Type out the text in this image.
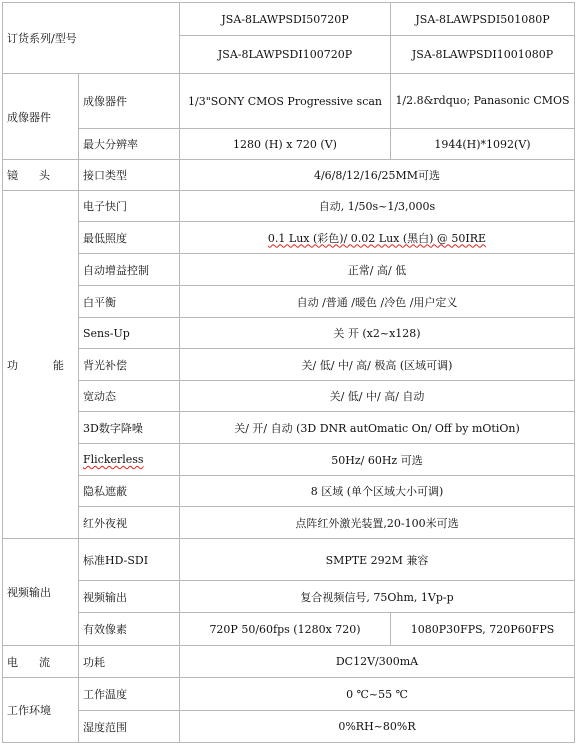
订货系列/型号		JSA-8LAWPSDI50720P	JSA-8LAWPSDI501080P
		JSA-8LAWPSDI100720P	JSA-8LAWPSDI1001080P
成像器件	成像器件	1/3"SONY CMOS Progressive scan	1/2.8&rdquo; Panasonic CMOS
	最大分辨率	1280 (H) x 720 (V)	1944(H)*1092(V)
镜      头	接口类型	4/6/8/12/16/25MM可选	
功          能	电子快门	自动, 1/50s~1/3,000s	
	最低照度	0.1 Lux (彩色)/ 0.02 Lux (黑白) @ 50IRE	
	自动增益控制	正常/ 高/ 低	
	白平衡	自动 /普通 /暖色 /冷色 /用户定义	
	Sens-Up	关 开 (x2~x128)	
	背光补偿	关/ 低/ 中/ 高/ 极高 (区域可调)	
	宽动态	关/ 低/ 中/ 高/ 自动	
	3D数字降噪	关/ 开/ 自动 (3D DNR autOmatic On/ Off by mOtiOn)	
	Flickerless	50Hz/ 60Hz 可选	
	隐私遮蔽	8 区域 (单个区域大小可调)	
	红外夜视	点阵红外激光装置,20-100米可选	
视频输出	标准HD-SDI	SMPTE 292M 兼容	
	视频输出	复合视频信号, 75Ohm, 1Vp-p	
	有效像素	720P 50/60fps (1280x 720)	1080P30FPS, 720P60FPS
电      流	功耗	DC12V/300mA	
工作环境	工作温度	0 ℃~55 ℃	
	湿度范围	0%RH~80%R	
